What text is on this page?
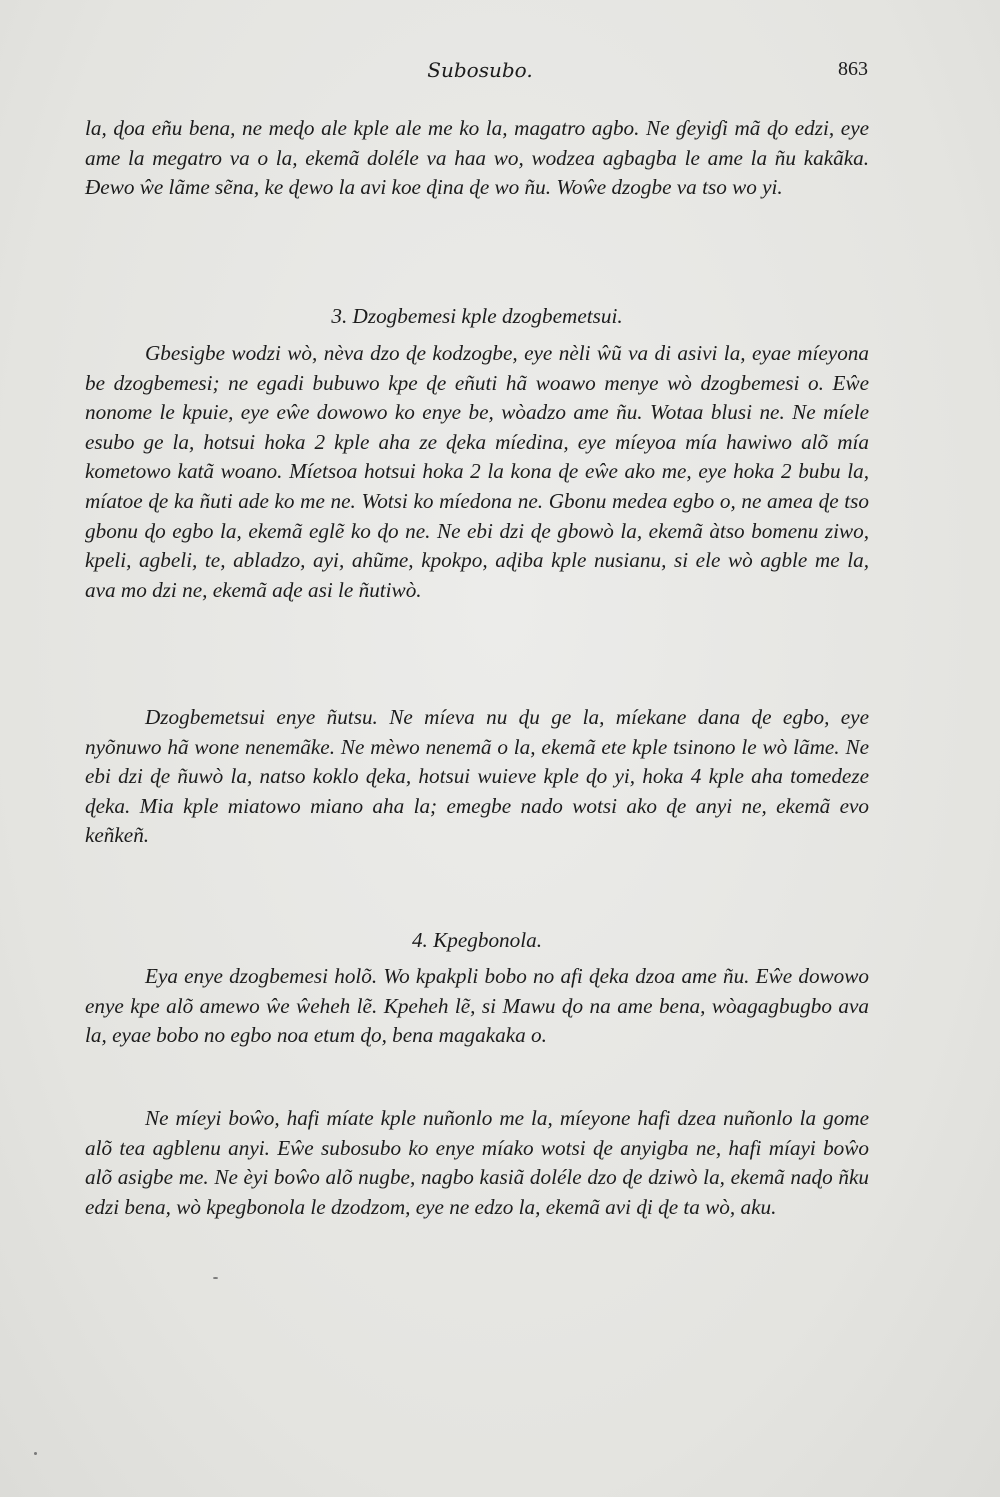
Subosubo.	863

la, ɖoa eñu bena, ne meɖo ale kple ale me ko la, magatro agbo. Ne ɠeyiɠi mã ɖo edzi, eye ame la megatro va o la, ekemã doléle va haa wo, wodzea agbagba le ame la ñu kakãka. Ɖewo ŵe lãme sẽna, ke ɖewo la avi koe ɖina ɖe wo ñu. Woŵe dzogbe va tso wo yi.

3. Dzogbemesi kple dzogbemetsui.

Gbesigbe wodzi wò, nèva dzo ɖe kodzogbe, eye nèli ŵũ va di asivi la, eyae míeyona be dzogbemesi; ne egadi bubuwo kpe ɖe eñuti hã woawo menye wò dzogbemesi o. Eŵe nonome le kpuie, eye eŵe dowowo ko enye be, wòadzo ame ñu. Wotaa blusi ne. Ne míele esubo ge la, hotsui hoka 2 kple aha ze ɖeka míedina, eye míeyoa mía hawiwo alõ mía kometowo katã woano. Míetsoa hotsui hoka 2 la kona ɖe eŵe ako me, eye hoka 2 bubu la, míatoe ɖe ka ñuti ade ko me ne. Wotsi ko míedona ne. Gbonu medea egbo o, ne amea ɖe tso gbonu ɖo egbo la, ekemã eglẽ ko ɖo ne. Ne ebi dzi ɖe gbowò la, ekemã àtso bomenu ziwo, kpeli, agbeli, te, abladzo, ayi, ahũme, kpokpo, aɖiba kple nusianu, si ele wò agble me la, ava mo dzi ne, ekemã aɖe asi le ñutiwò.

Dzogbemetsui enye ñutsu. Ne míeva nu ɖu ge la, míekane dana ɖe egbo, eye nyõnuwo hã wone nenemãke. Ne mèwo nenemã o la, ekemã ete kple tsinono le wò lãme. Ne ebi dzi ɖe ñuwò la, natso koklo ɖeka, hotsui wuieve kple ɖo yi, hoka 4 kple aha tomedeze ɖeka. Mia kple miatowo miano aha la; emegbe nado wotsi ako ɖe anyi ne, ekemã evo keñkeñ.

4. Kpegbonola.

Eya enye dzogbemesi holõ. Wo kpakpli bobo no afi ɖeka dzoa ame ñu. Eŵe dowowo enye kpe alõ amewo ŵe ŵeheh lẽ. Kpeheh lẽ, si Mawu ɖo na ame bena, wòagagbugbo ava la, eyae bobo no egbo noa etum ɖo, bena magakaka o.

Ne míeyi boŵo, hafi míate kple nuñonlo me la, míeyone hafi dzea nuñonlo la gome alõ tea agblenu anyi. Eŵe subosubo ko enye míako wotsi ɖe anyigba ne, hafi míayi boŵo alõ asigbe me. Ne èyi boŵo alõ nugbe, nagbo kasiã doléle dzo ɖe dziwò la, ekemã naɖo ñku edzi bena, wò kpegbonola le dzodzom, eye ne edzo la, ekemã avi ɖi ɖe ta wò, aku.
